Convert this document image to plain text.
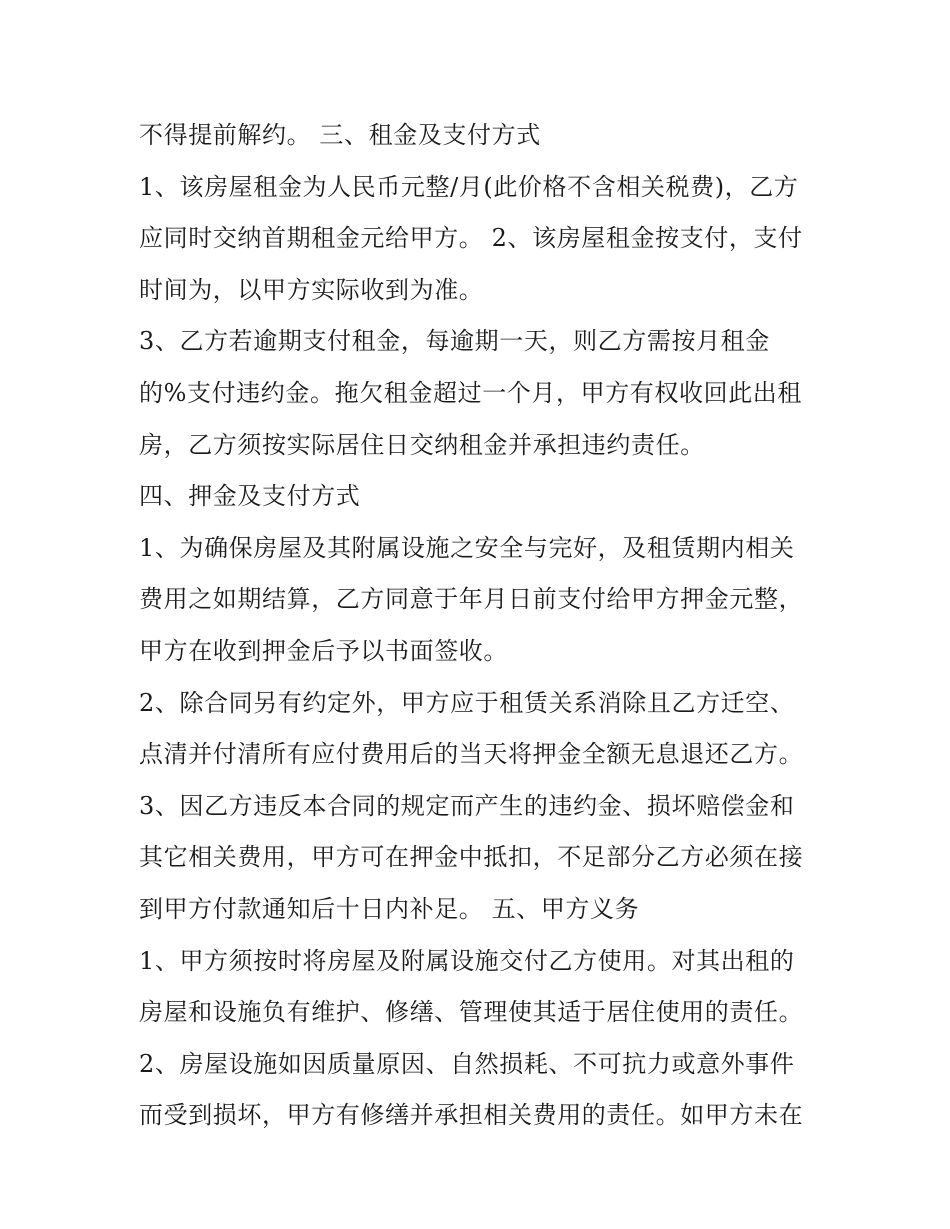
不得提前解约。 三、租金及支付方式

1、该房屋租金为人民币元整/月(此价格不含相关税费)，乙方

应同时交纳首期租金元给甲方。 2、该房屋租金按支付，支付

时间为，以甲方实际收到为准。

3、乙方若逾期支付租金，每逾期一天，则乙方需按月租金

的%支付违约金。拖欠租金超过一个月，甲方有权收回此出租

房，乙方须按实际居住日交纳租金并承担违约责任。

四、押金及支付方式

1、为确保房屋及其附属设施之安全与完好，及租赁期内相关

费用之如期结算，乙方同意于年月日前支付给甲方押金元整，

甲方在收到押金后予以书面签收。

2、除合同另有约定外，甲方应于租赁关系消除且乙方迁空、

点清并付清所有应付费用后的当天将押金全额无息退还乙方。

3、因乙方违反本合同的规定而产生的违约金、损坏赔偿金和

其它相关费用，甲方可在押金中抵扣，不足部分乙方必须在接

到甲方付款通知后十日内补足。 五、甲方义务

1、甲方须按时将房屋及附属设施交付乙方使用。对其出租的

房屋和设施负有维护、修缮、管理使其适于居住使用的责任。

2、房屋设施如因质量原因、自然损耗、不可抗力或意外事件

而受到损坏，甲方有修缮并承担相关费用的责任。如甲方未在
